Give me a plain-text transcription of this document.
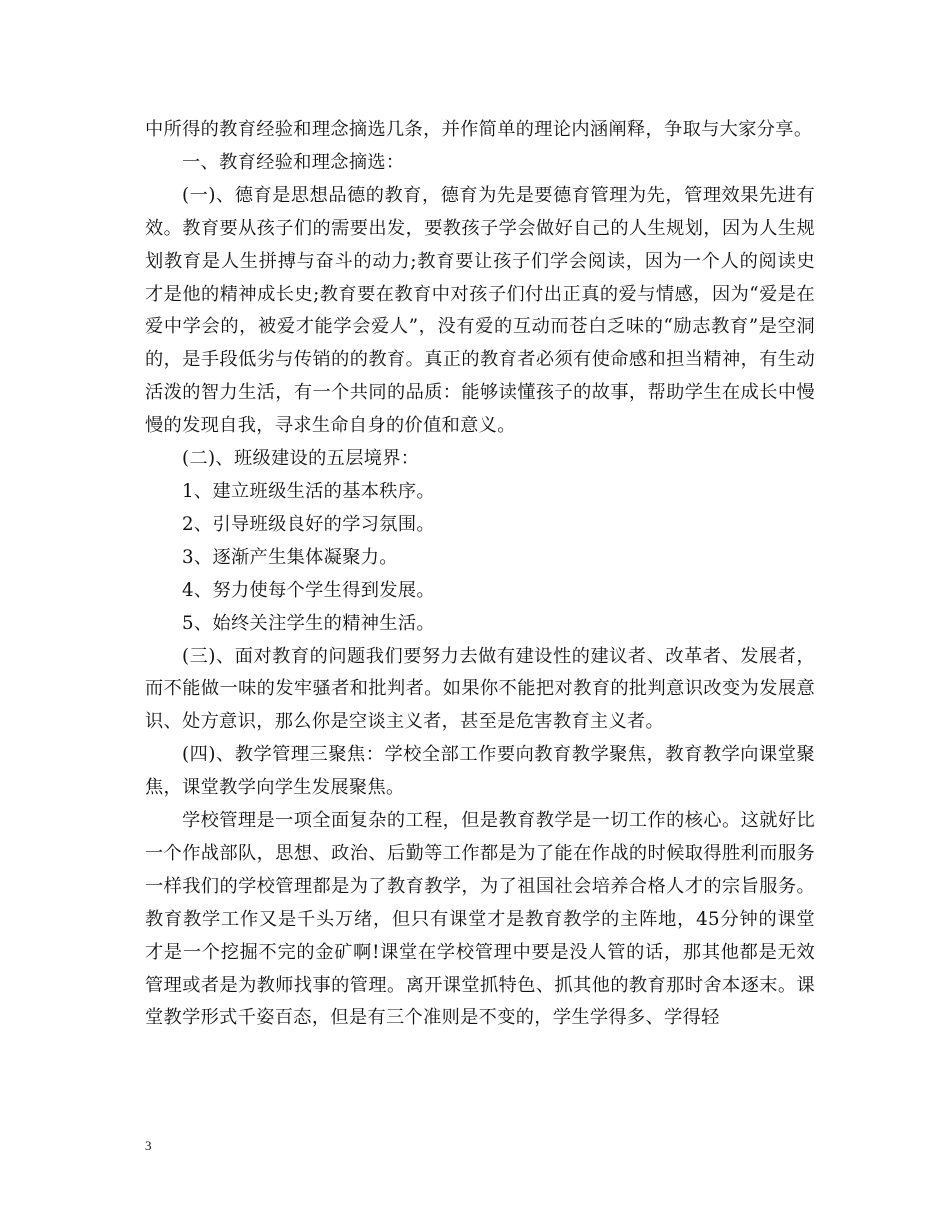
中所得的教育经验和理念摘选几条，并作简单的理论内涵阐释，争取与大家分享。

一、教育经验和理念摘选：

(一)、德育是思想品德的教育，德育为先是要德育管理为先，管理效果先进有效。教育要从孩子们的需要出发，要教孩子学会做好自己的人生规划，因为人生规划教育是人生拼搏与奋斗的动力;教育要让孩子们学会阅读，因为一个人的阅读史才是他的精神成长史;教育要在教育中对孩子们付出正真的爱与情感，因为“爱是在爱中学会的，被爱才能学会爱人”，没有爱的互动而苍白乏味的“励志教育”是空洞的，是手段低劣与传销的的教育。真正的教育者必须有使命感和担当精神，有生动活泼的智力生活，有一个共同的品质：能够读懂孩子的故事，帮助学生在成长中慢慢的发现自我，寻求生命自身的价值和意义。

(二)、班级建设的五层境界：

1、建立班级生活的基本秩序。

2、引导班级良好的学习氛围。

3、逐渐产生集体凝聚力。

4、努力使每个学生得到发展。

5、始终关注学生的精神生活。

(三)、面对教育的问题我们要努力去做有建设性的建议者、改革者、发展者，而不能做一味的发牢骚者和批判者。如果你不能把对教育的批判意识改变为发展意识、处方意识，那么你是空谈主义者，甚至是危害教育主义者。

(四)、教学管理三聚焦：学校全部工作要向教育教学聚焦，教育教学向课堂聚焦，课堂教学向学生发展聚焦。

学校管理是一项全面复杂的工程，但是教育教学是一切工作的核心。这就好比一个作战部队，思想、政治、后勤等工作都是为了能在作战的时候取得胜利而服务一样我们的学校管理都是为了教育教学，为了祖国社会培养合格人才的宗旨服务。教育教学工作又是千头万绪，但只有课堂才是教育教学的主阵地，45分钟的课堂才是一个挖掘不完的金矿啊!课堂在学校管理中要是没人管的话，那其他都是无效管理或者是为教师找事的管理。离开课堂抓特色、抓其他的教育那时舍本逐末。课堂教学形式千姿百态，但是有三个准则是不变的，学生学得多、学得轻

3
